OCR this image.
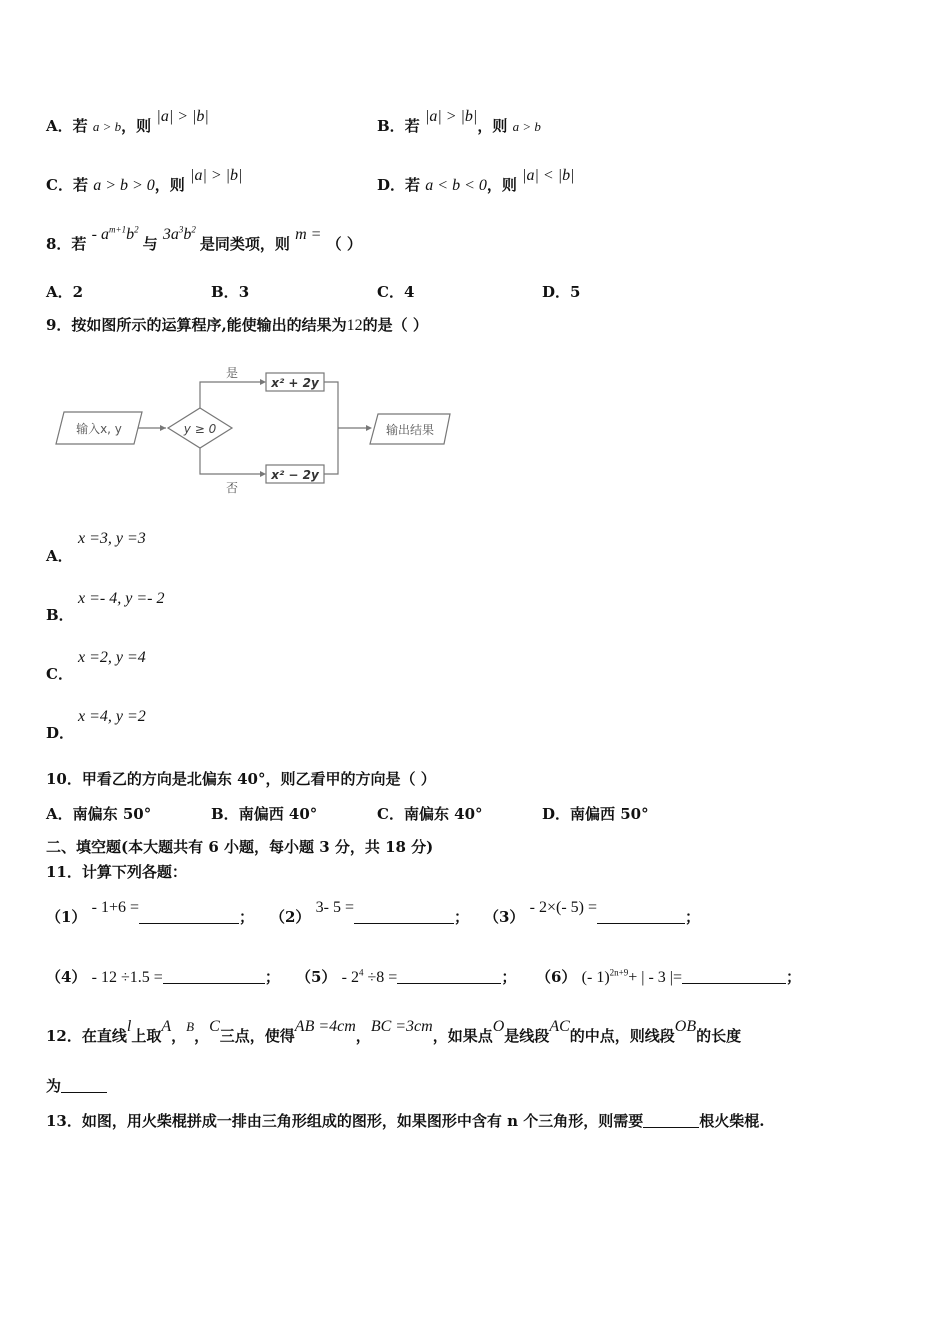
A．若 a > b，则 |a| > |b|
B．若 |a| > |b|，则 a > b
C．若 a > b > 0，则 |a| > |b|
D．若 a < b < 0，则 |a| < |b|
8．若 - $a^{m+1}b^2$ 与 $3a^3b^2$ 是同类项，则 m = （ ）
A．2	B．3	C．4	D．5
9．按如图所示的运算程序,能使输出的结果为12的是（ ）
输入x, y	y ≥ 0
是
x² + 2y
否
x² − 2y
输出结果
A．
x =3, y =3
B．
x =- 4, y =- 2
C．
x =2, y =4
D．
x =4, y =2
10．甲看乙的方向是北偏东 40°，则乙看甲的方向是（ ）
A．南偏东 50°	B．南偏西 40°	C．南偏东 40°	D．南偏西 50°
二、填空题(本大题共有 6 小题，每小题 3 分，共 18 分)
11．计算下列各题：
（1） - 1+6 =； （2） 3- 5 =； （3） - 2×(- 5) =；
（4） - 12 ÷1.5 =	； $(5) - 2^4 \div 8$ =	； （6） (- 1)$^{2n+9}$+ | - 3 |=	；
12．在直线l上取A，B，C三点，使得AB =4cm，BC =3cm，如果点O是线段AC的中点，则线段OB的长度
为
13．如图，用火柴棍拼成一排由三角形组成的图形，如果图形中含有 n 个三角形，则需要	根火柴棍.
